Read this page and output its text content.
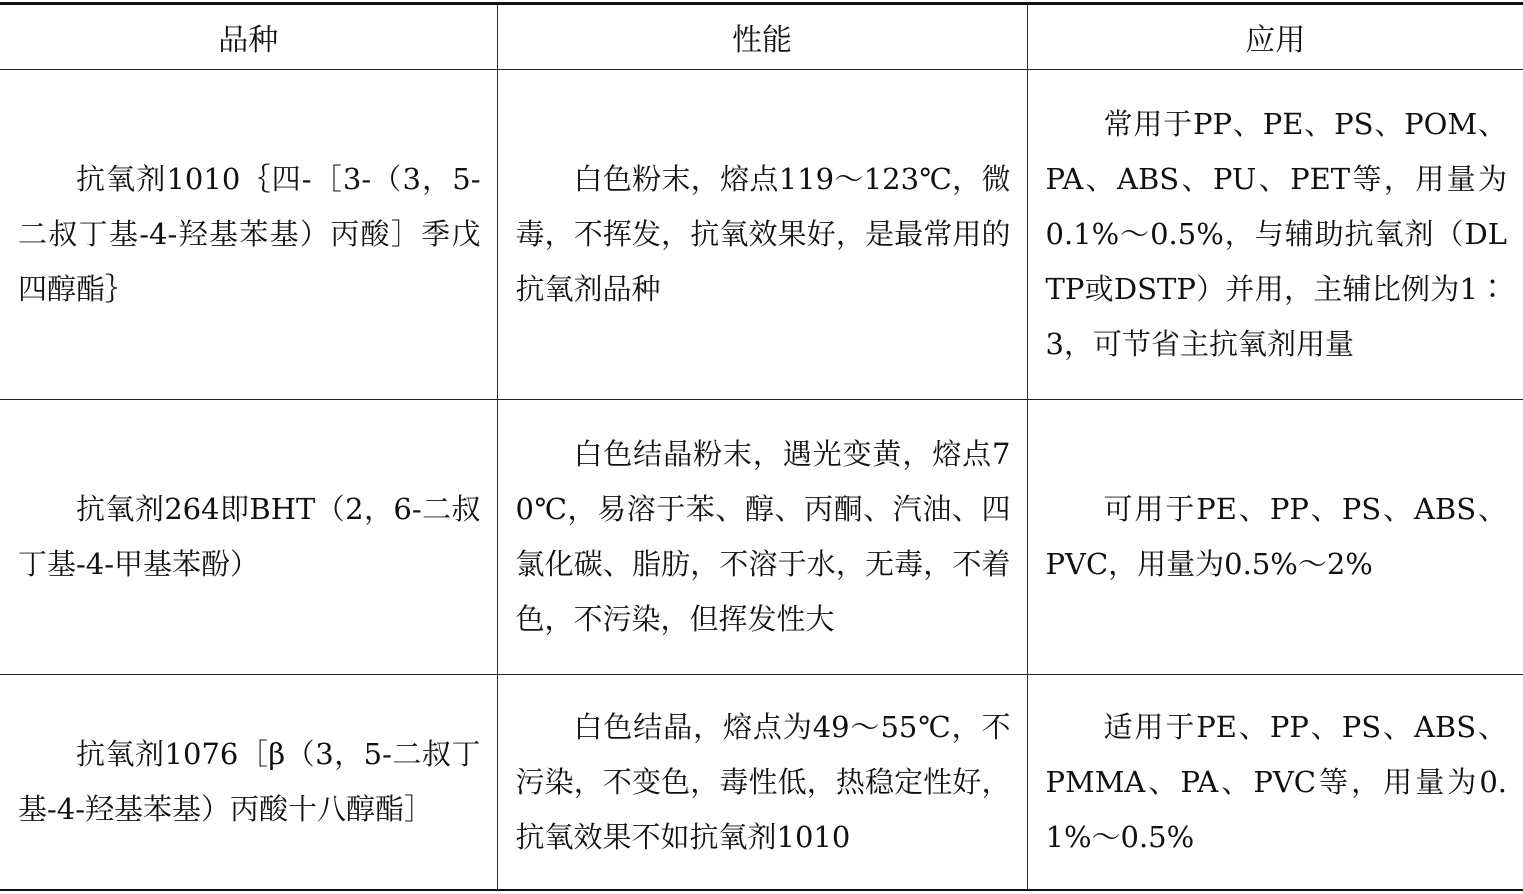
品种	性能	应用

抗氧剂1010｛四-［3-（3，5-二叔丁基-4-羟基苯基）丙酸］季戊四醇酯｝	白色粉末，熔点119～123℃，微毒，不挥发，抗氧效果好，是最常用的抗氧剂品种	常用于PP、PE、PS、POM、PA、ABS、PU、PET等，用量为0.1%～0.5%，与辅助抗氧剂（DLTP或DSTP）并用，主辅比例为1∶3，可节省主抗氧剂用量

抗氧剂264即BHT（2，6-二叔丁基-4-甲基苯酚）	白色结晶粉末，遇光变黄，熔点70℃，易溶于苯、醇、丙酮、汽油、四氯化碳、脂肪，不溶于水，无毒，不着色，不污染，但挥发性大	可用于PE、PP、PS、ABS、PVC，用量为0.5%～2%

抗氧剂1076［β（3，5-二叔丁基-4-羟基苯基）丙酸十八醇酯］	白色结晶，熔点为49～55℃，不污染，不变色，毒性低，热稳定性好，抗氧效果不如抗氧剂1010	适用于PE、PP、PS、ABS、PMMA、PA、PVC等，用量为0.1%～0.5%
